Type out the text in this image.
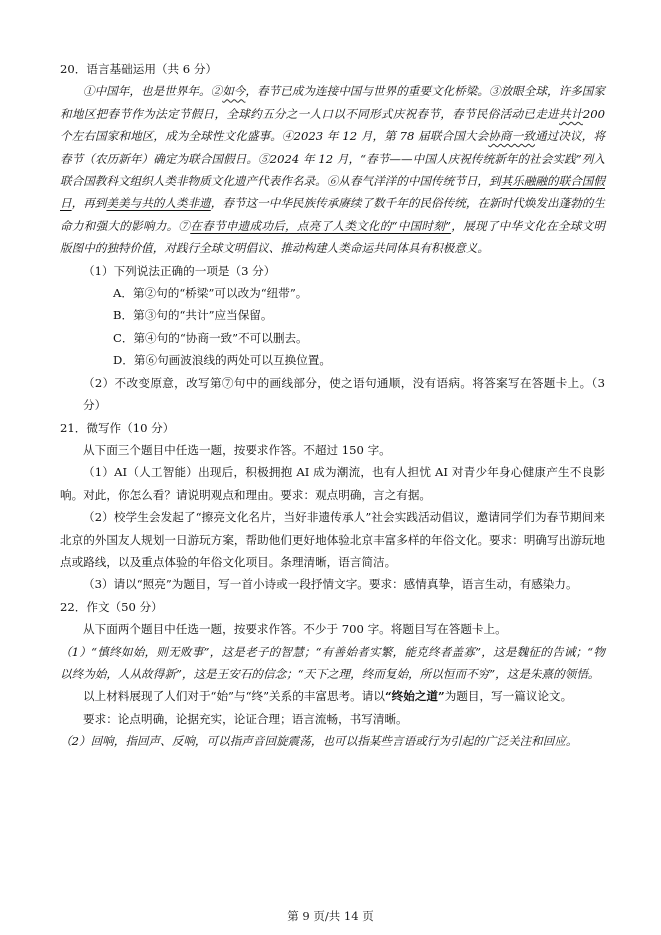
20．语言基础运用（共 6 分）

①中国年，也是世界年。②如今，春节已成为连接中国与世界的重要文化桥梁。③放眼全球，许多国家和地区把春节作为法定节假日，全球约五分之一人口以不同形式庆祝春节，春节民俗活动已走进共计200 个左右国家和地区，成为全球性文化盛事。④2023 年 12 月，第 78 届联合国大会协商一致通过决议，将春节（农历新年）确定为联合国假日。⑤2024 年 12 月，“春节——中国人庆祝传统新年的社会实践”列入联合国教科文组织人类非物质文化遗产代表作名录。⑥从春气洋洋的中国传统节日，到其乐融融的联合国假日，再到美美与共的人类非遗，春节这一中华民族传承赓续了数千年的民俗传统，在新时代焕发出蓬勃的生命力和强大的影响力。⑦在春节申遗成功后，点亮了人类文化的“中国时刻”，展现了中华文化在全球文明版图中的独特价值，对践行全球文明倡议、推动构建人类命运共同体具有积极意义。

（1）下列说法正确的一项是（3 分）

A．第②句的“桥梁”可以改为“纽带”。

B．第③句的“共计”应当保留。

C．第④句的“协商一致”不可以删去。

D．第⑥句画波浪线的两处可以互换位置。

（2）不改变原意，改写第⑦句中的画线部分，使之语句通顺，没有语病。将答案写在答题卡上。（3 分）

21．微写作（10 分）

从下面三个题目中任选一题，按要求作答。不超过 150 字。

（1）AI（人工智能）出现后，积极拥抱 AI 成为潮流，也有人担忧 AI 对青少年身心健康产生不良影响。对此，你怎么看？请说明观点和理由。要求：观点明确，言之有据。

（2）校学生会发起了“擦亮文化名片，当好非遗传承人”社会实践活动倡议，邀请同学们为春节期间来北京的外国友人规划一日游玩方案，帮助他们更好地体验北京丰富多样的年俗文化。要求：明确写出游玩地点或路线，以及重点体验的年俗文化项目。条理清晰，语言简洁。

（3）请以“照亮”为题目，写一首小诗或一段抒情文字。要求：感情真挚，语言生动，有感染力。

22．作文（50 分）

从下面两个题目中任选一题，按要求作答。不少于 700 字。将题目写在答题卡上。

（1）“慎终如始，则无败事”，这是老子的智慧；“有善始者实繁，能克终者盖寡”，这是魏征的告诫；“物以终为始，人从故得新”，这是王安石的信念；“天下之理，终而复始，所以恒而不穷”，这是朱熹的领悟。

以上材料展现了人们对于“始”与“终”关系的丰富思考。请以“终始之道”为题目，写一篇议论文。

要求：论点明确，论据充实，论证合理；语言流畅，书写清晰。

（2）回响，指回声、反响，可以指声音回旋震荡，也可以指某些言语或行为引起的广泛关注和回应。

第 9 页/共 14 页
